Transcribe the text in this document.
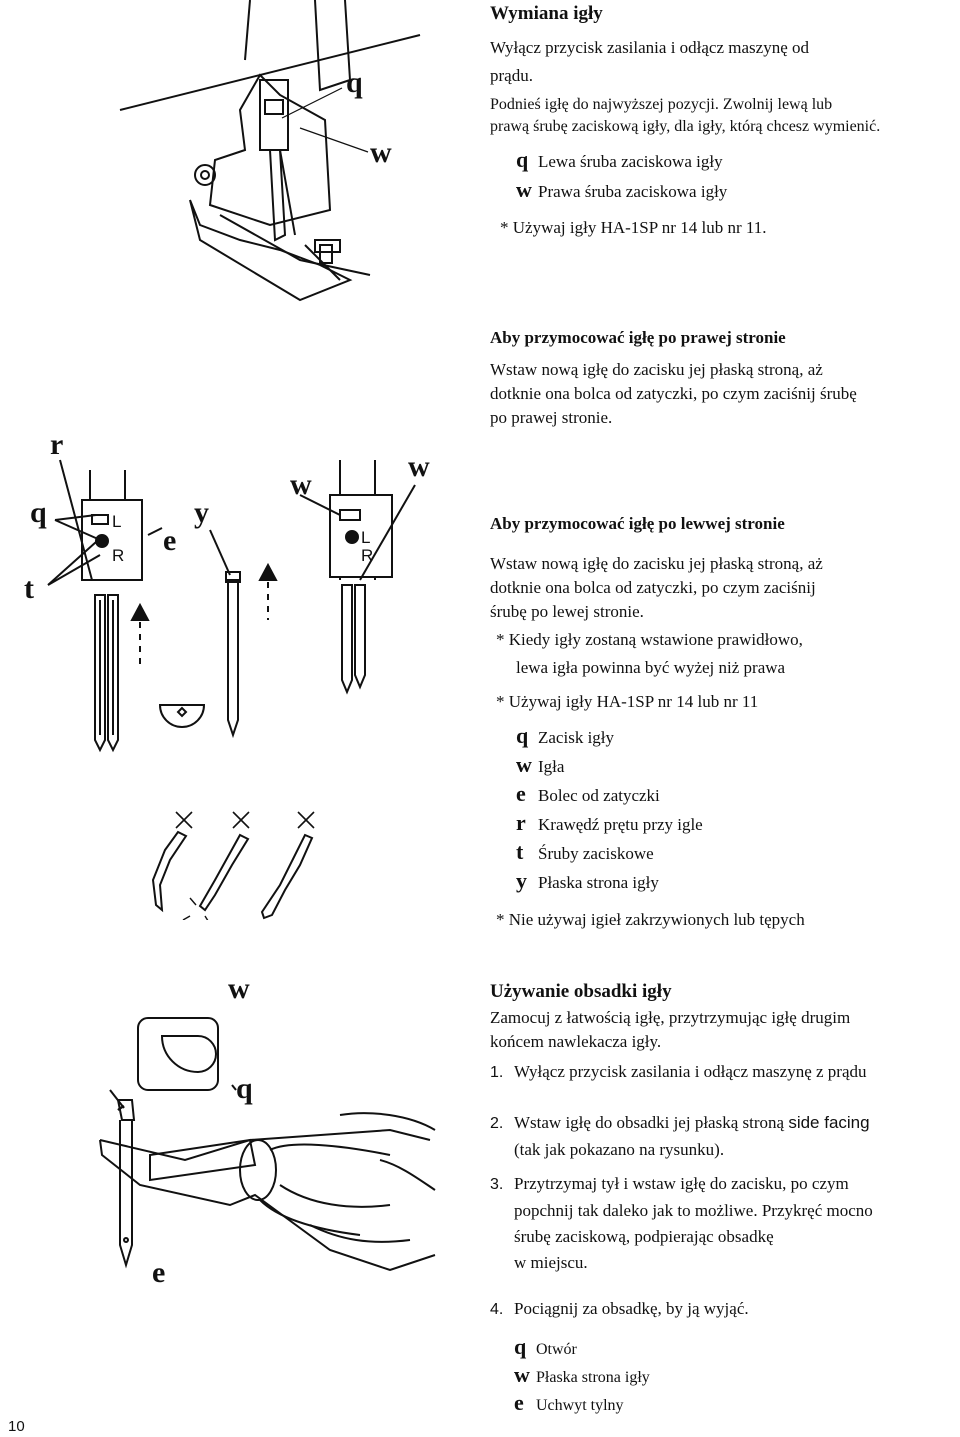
q
w

Wymiana igły

Wyłącz przycisk zasilania i odłącz maszynę od

prądu.

Podnieś igłę do najwyższej pozycji. Zwolnij lewą lub

prawą śrubę zaciskową igły, dla igły, którą chcesz wymienić.

q Lewa śruba zaciskowa igły

w Prawa śruba zaciskowa igły

* Używaj igły HA-1SP nr 14 lub nr 11.

Aby przymocować igłę po prawej stronie

Wstaw nową igłę do zacisku jej płaską stroną, aż

dotknie ona bolca od zatyczki, po czym zaciśnij śrubę

po prawej stronie.

r
q
t
e
y
w
w
L
R
L
R

Aby przymocować igłę po lewwej stronie

Wstaw nową igłę do zacisku jej płaską stroną, aż

dotknie ona bolca od zatyczki, po czym zaciśnij

śrubę po lewej stronie.

* Kiedy igły zostaną wstawione prawidłowo,

lewa igła powinna być wyżej niż prawa

* Używaj igły HA-1SP nr 14 lub nr 11

q Zacisk igły

w Igła

e Bolec od zatyczki

r Krawędź prętu przy igle

t Śruby zaciskowe

y Płaska strona igły

* Nie używaj igieł zakrzywionych lub tępych

w
q
e

Używanie obsadki igły

Zamocuj z łatwością igłę, przytrzymując igłę drugim

końcem nawlekacza igły.

1. Wyłącz przycisk zasilania i odłącz maszynę z prądu

2. Wstaw igłę do obsadki jej płaską stroną side facing

(tak jak pokazano na rysunku).

3. Przytrzymaj tył i wstaw igłę do zacisku, po czym

popchnij tak daleko jak to możliwe. Przykręć mocno

śrubę zaciskową, podpierając obsadkę

w miejscu.

4. Pociągnij za obsadkę, by ją wyjąć.

q Otwór

w Płaska strona igły

e Uchwyt tylny

10
